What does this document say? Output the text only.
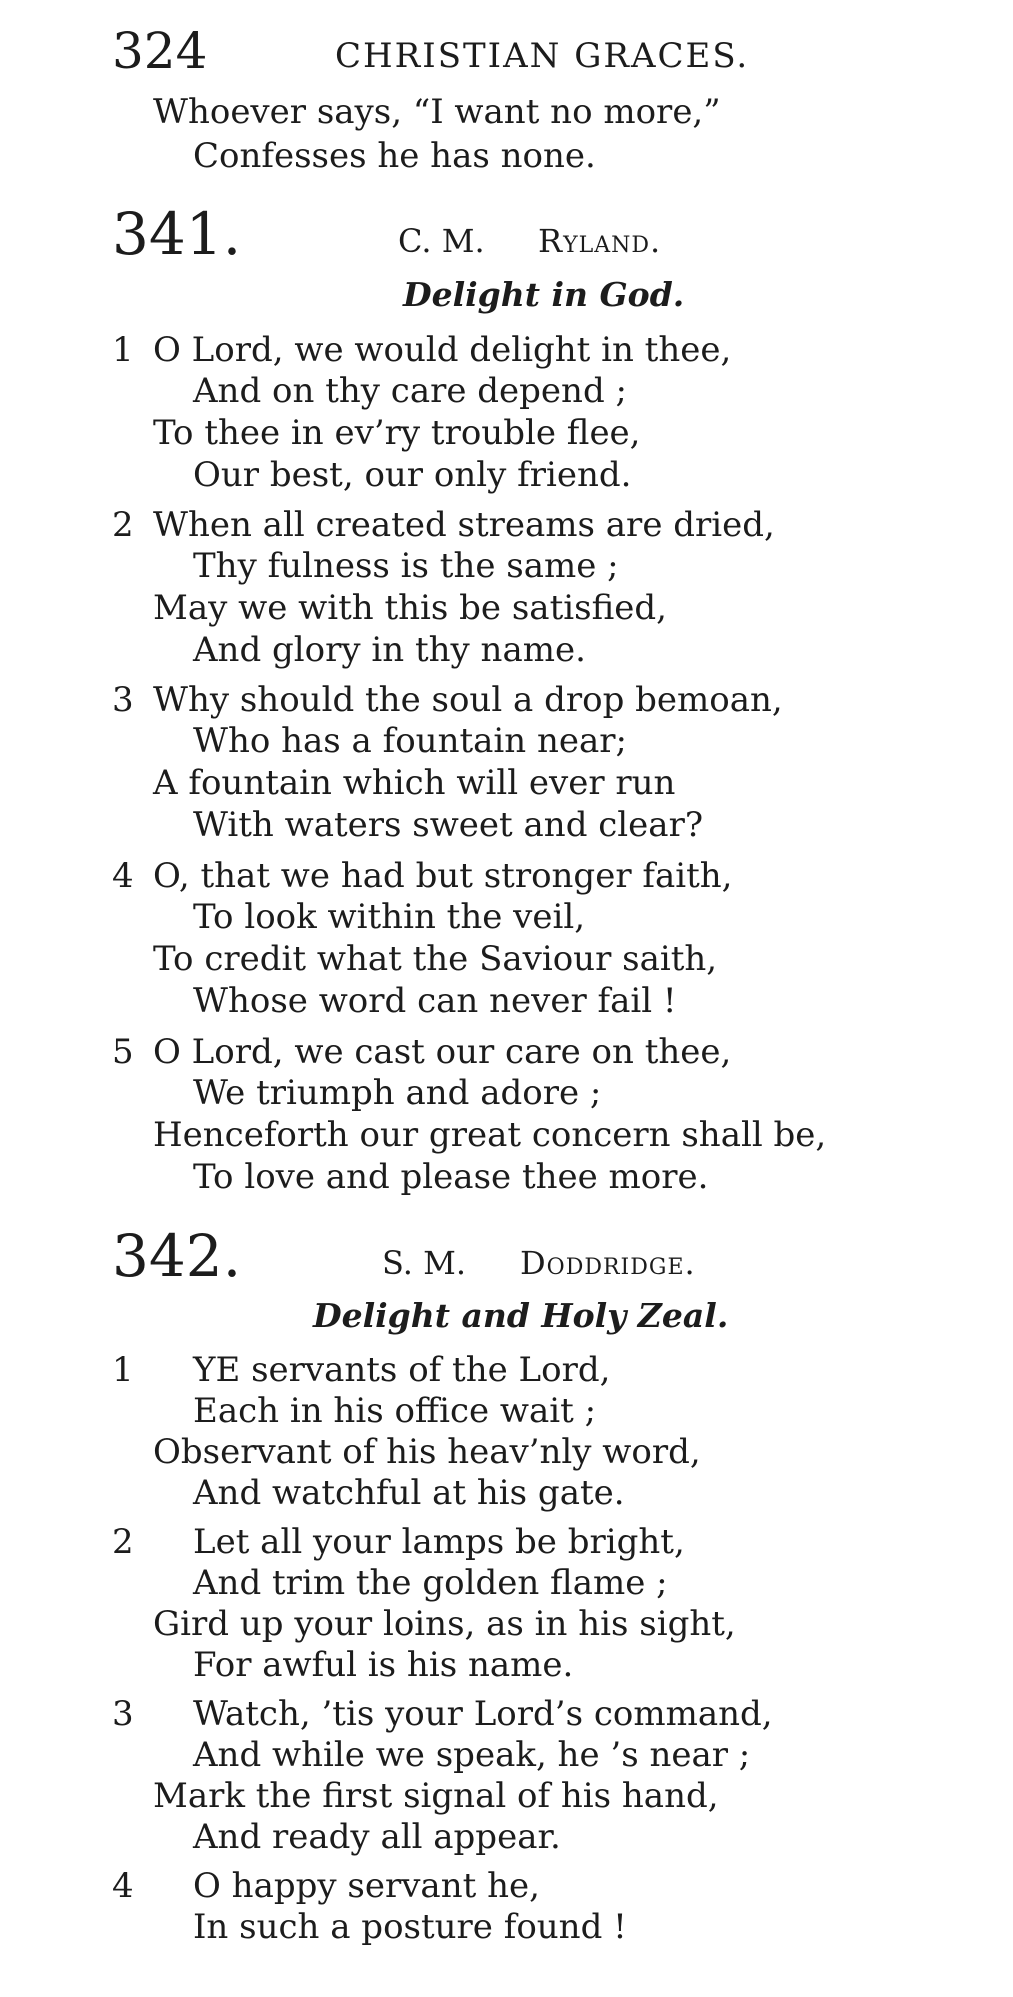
324	CHRISTIAN GRACES.
Whoever says, “I want no more,”
Confesses he has none.
341.	C. M. Ryland.
Delight in God.
1 O Lord, we would delight in thee,
And on thy care depend ;
To thee in ev’ry trouble flee,
Our best, our only friend.
2 When all created streams are dried,
Thy fulness is the same ;
May we with this be satisfied,
And glory in thy name.
3 Why should the soul a drop bemoan,
Who has a fountain near;
A fountain which will ever run
With waters sweet and clear?
4 O, that we had but stronger faith,
To look within the veil,
To credit what the Saviour saith,
Whose word can never fail !
5 O Lord, we cast our care on thee,
We triumph and adore ;
Henceforth our great concern shall be,
To love and please thee more.
342.	S. M. Doddridge.
Delight and Holy Zeal.
1 YE servants of the Lord,
Each in his office wait ;
Observant of his heav’nly word,
And watchful at his gate.
2 Let all your lamps be bright,
And trim the golden flame ;
Gird up your loins, as in his sight,
For awful is his name.
3 Watch, ’tis your Lord’s command,
And while we speak, he ’s near ;
Mark the first signal of his hand,
And ready all appear.
4 O happy servant he,
In such a posture found !
